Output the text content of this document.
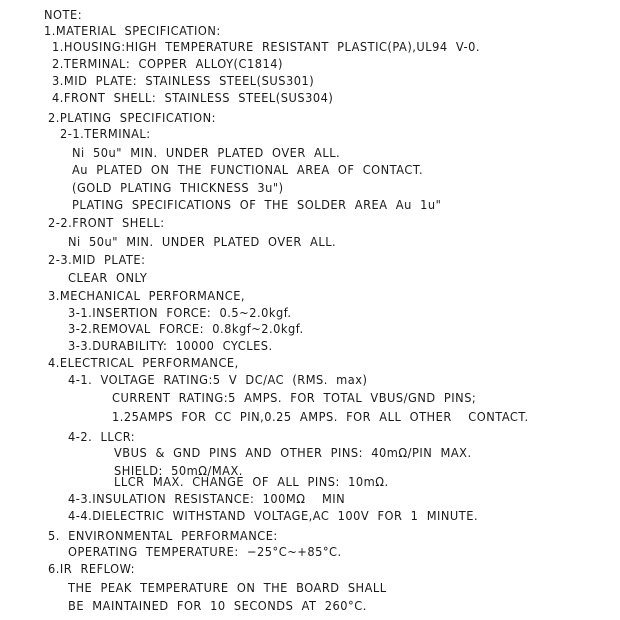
NOTE:
1.MATERIAL  SPECIFICATION:
1.HOUSING:HIGH  TEMPERATURE  RESISTANT  PLASTIC(PA),UL94  V-0.
2.TERMINAL:  COPPER  ALLOY(C1814)
3.MID  PLATE:  STAINLESS  STEEL(SUS301)
4.FRONT  SHELL:  STAINLESS  STEEL(SUS304)
2.PLATING  SPECIFICATION:
2-1.TERMINAL:
Ni  50u"  MIN.  UNDER  PLATED  OVER  ALL.
Au  PLATED  ON  THE  FUNCTIONAL  AREA  OF  CONTACT.
(GOLD  PLATING  THICKNESS  3u")
PLATING  SPECIFICATIONS  OF  THE  SOLDER  AREA  Au  1u"
2-2.FRONT  SHELL:
Ni  50u"  MIN.  UNDER  PLATED  OVER  ALL.
2-3.MID  PLATE:
CLEAR  ONLY
3.MECHANICAL  PERFORMANCE,
3-1.INSERTION  FORCE:  0.5~2.0kgf.
3-2.REMOVAL  FORCE:  0.8kgf~2.0kgf.
3-3.DURABILITY:  10000  CYCLES.
4.ELECTRICAL  PERFORMANCE,
4-1.  VOLTAGE  RATING:5  V  DC/AC  (RMS.  max)
CURRENT  RATING:5  AMPS.  FOR  TOTAL  VBUS/GND  PINS;
1.25AMPS  FOR  CC  PIN,0.25  AMPS.  FOR  ALL  OTHER    CONTACT.
4-2.  LLCR:
VBUS  &  GND  PINS  AND  OTHER  PINS:  40mΩ/PIN  MAX.
SHIELD:  50mΩ/MAX.
LLCR  MAX.  CHANGE  OF  ALL  PINS:  10mΩ.
4-3.INSULATION  RESISTANCE:  100MΩ    MIN
4-4.DIELECTRIC  WITHSTAND  VOLTAGE,AC  100V  FOR  1  MINUTE.
5.  ENVIRONMENTAL  PERFORMANCE:
OPERATING  TEMPERATURE:  −25°C~+85°C.
6.IR  REFLOW:
THE  PEAK  TEMPERATURE  ON  THE  BOARD  SHALL
BE  MAINTAINED  FOR  10  SECONDS  AT  260°C.
